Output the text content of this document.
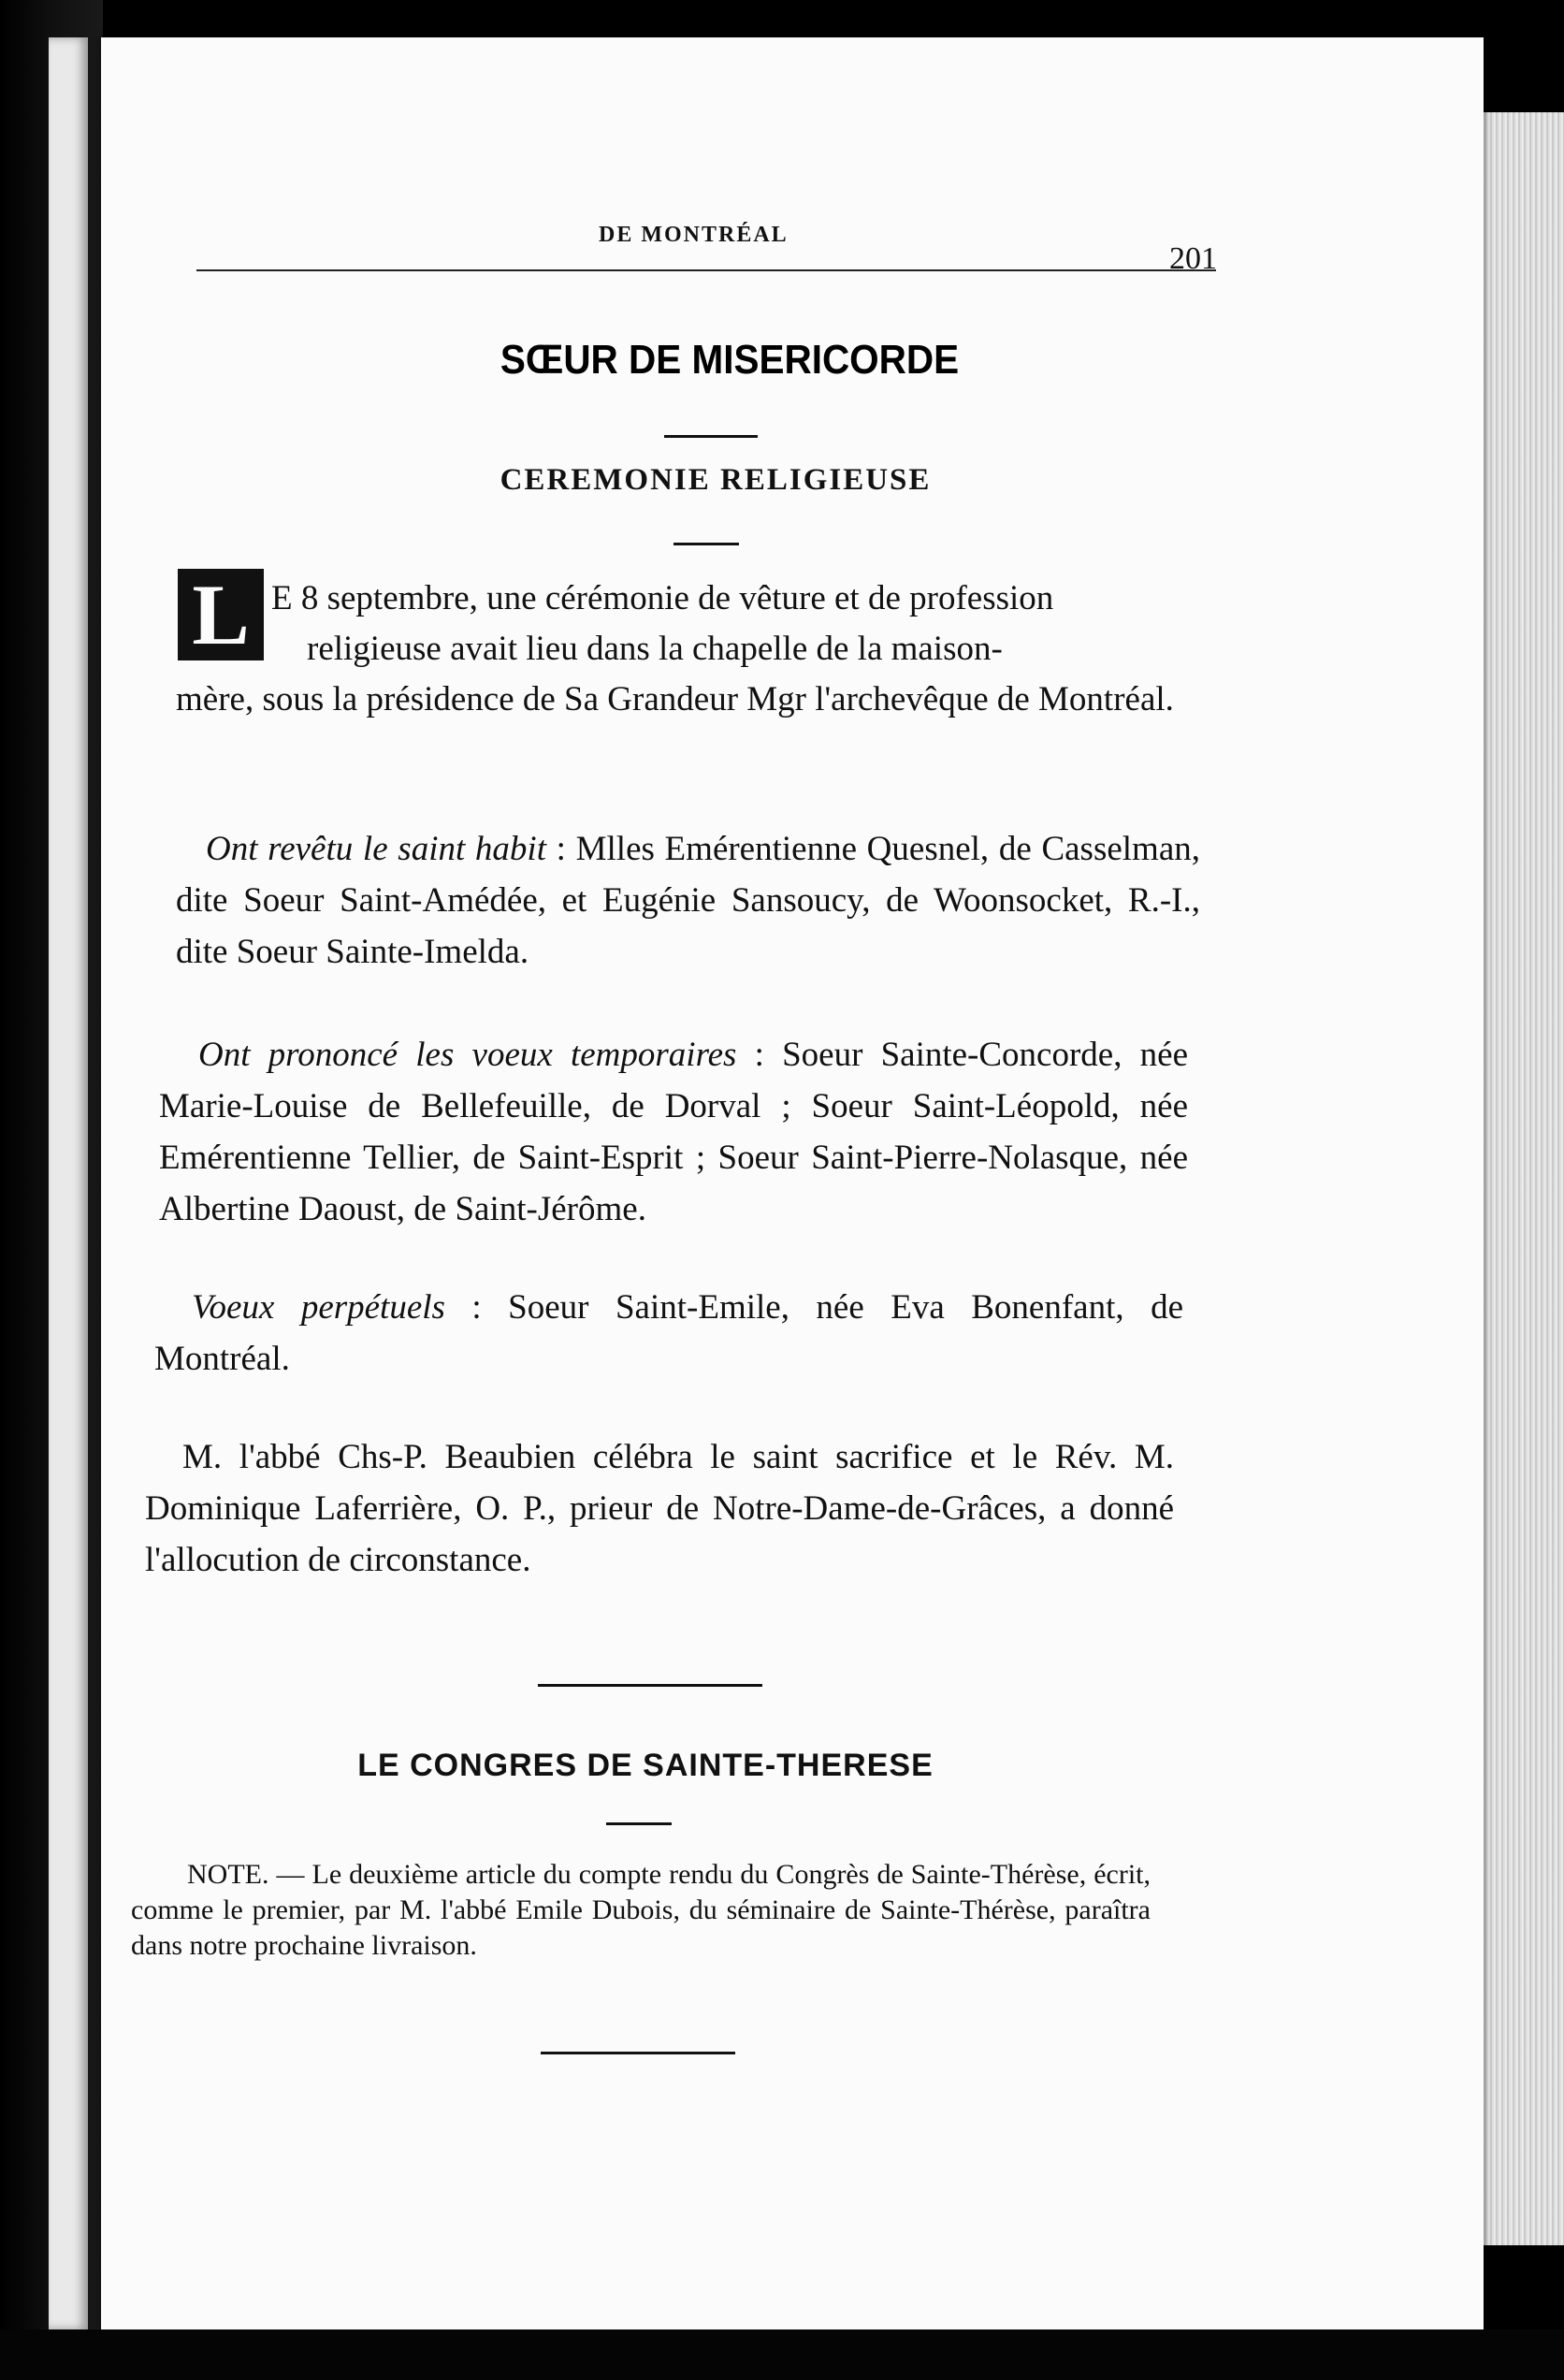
DE MONTRÉAL
201
SŒUR DE MISERICORDE
CEREMONIE RELIGIEUSE
L E 8 septembre, une cérémonie de vêture et de profession
religieuse avait lieu dans la chapelle de la maison-
mère, sous la présidence de Sa Grandeur Mgr l'archevêque de Montréal.
Ont revêtu le saint habit : Mlles Emérentienne Quesnel, de Casselman, dite Soeur Saint-Amédée, et Eugénie Sansoucy, de Woonsocket, R.-I., dite Soeur Sainte-Imelda.
Ont prononcé les voeux temporaires : Soeur Sainte-Concorde, née Marie-Louise de Bellefeuille, de Dorval ; Soeur Saint-Léopold, née Emérentienne Tellier, de Saint-Esprit ; Soeur Saint-Pierre-Nolasque, née Albertine Daoust, de Saint-Jérôme.
Voeux perpétuels : Soeur Saint-Emile, née Eva Bonenfant, de Montréal.
M. l'abbé Chs-P. Beaubien célébra le saint sacrifice et le Rév. M. Dominique Laferrière, O. P., prieur de Notre-Dame-de-Grâces, a donné l'allocution de circonstance.
LE CONGRES DE SAINTE-THERESE
NOTE. — Le deuxième article du compte rendu du Congrès de Sainte-Thérèse, écrit, comme le premier, par M. l'abbé Emile Dubois, du séminaire de Sainte-Thérèse, paraîtra dans notre prochaine livraison.
